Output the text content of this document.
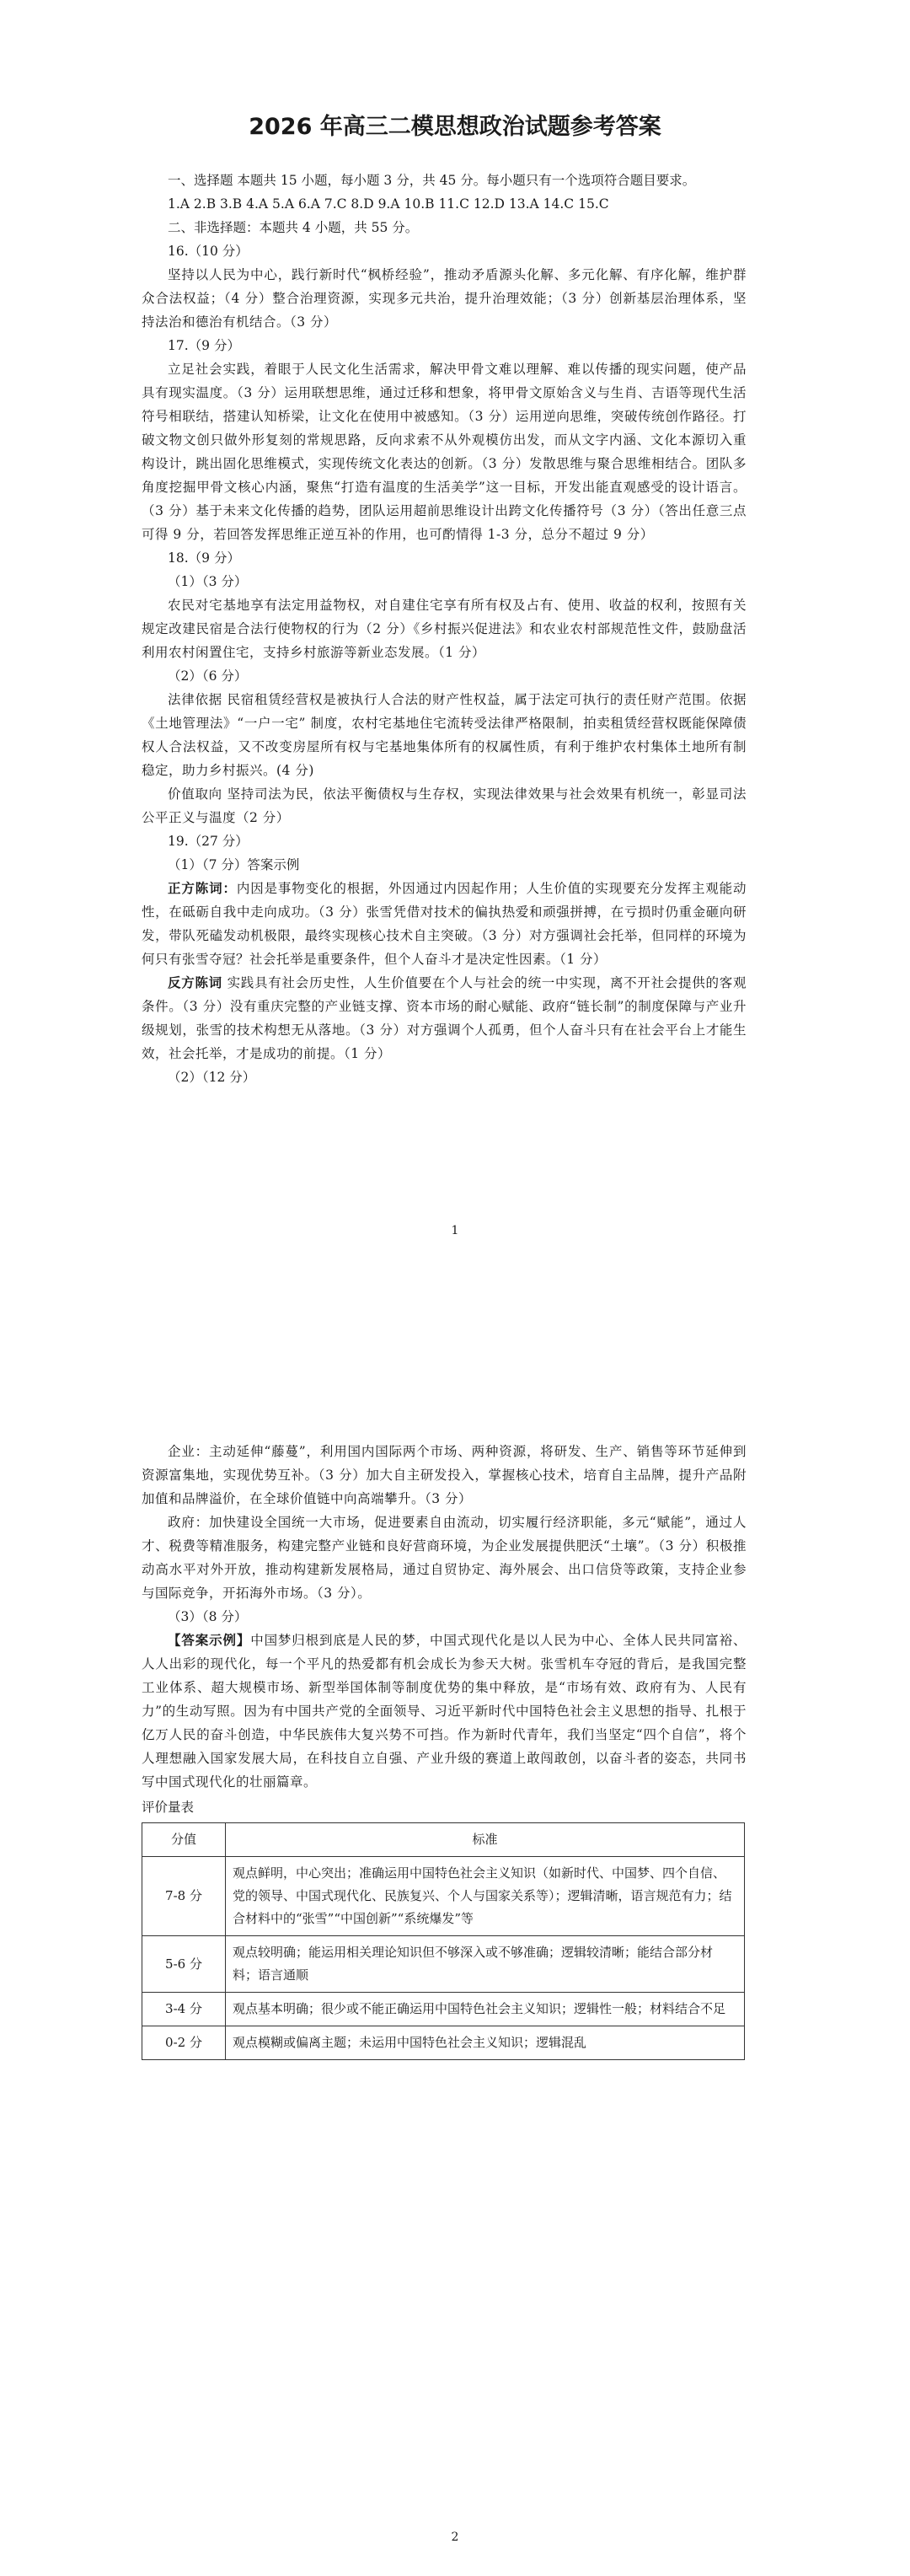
2026 年高三二模思想政治试题参考答案

一、选择题 本题共 15 小题，每小题 3 分，共 45 分。每小题只有一个选项符合题目要求。

1.A 2.B 3.B 4.A 5.A 6.A 7.C 8.D 9.A 10.B 11.C 12.D 13.A 14.C 15.C

二、非选择题：本题共 4 小题，共 55 分。

16.（10 分）

坚持以人民为中心，践行新时代“枫桥经验”，推动矛盾源头化解、多元化解、有序化解，维护群众合法权益；（4 分）整合治理资源，实现多元共治，提升治理效能；（3 分）创新基层治理体系，坚持法治和德治有机结合。（3 分）

17.（9 分）

立足社会实践，着眼于人民文化生活需求，解决甲骨文难以理解、难以传播的现实问题，使产品具有现实温度。（3 分）运用联想思维，通过迁移和想象，将甲骨文原始含义与生肖、吉语等现代生活符号相联结，搭建认知桥梁，让文化在使用中被感知。（3 分）运用逆向思维，突破传统创作路径。打破文物文创只做外形复刻的常规思路，反向求索不从外观模仿出发，而从文字内涵、文化本源切入重构设计，跳出固化思维模式，实现传统文化表达的创新。（3 分）发散思维与聚合思维相结合。团队多角度挖掘甲骨文核心内涵，聚焦“打造有温度的生活美学”这一目标，开发出能直观感受的设计语言。（3 分）基于未来文化传播的趋势，团队运用超前思维设计出跨文化传播符号（3 分）（答出任意三点可得 9 分，若回答发挥思维正逆互补的作用，也可酌情得 1-3 分，总分不超过 9 分）

18.（9 分）

（1）（3 分）

农民对宅基地享有法定用益物权，对自建住宅享有所有权及占有、使用、收益的权利，按照有关规定改建民宿是合法行使物权的行为（2 分）《乡村振兴促进法》和农业农村部规范性文件，鼓励盘活利用农村闲置住宅，支持乡村旅游等新业态发展。（1 分）

（2）（6 分）

法律依据 民宿租赁经营权是被执行人合法的财产性权益，属于法定可执行的责任财产范围。依据《土地管理法》“一户一宅” 制度，农村宅基地住宅流转受法律严格限制，拍卖租赁经营权既能保障债权人合法权益，又不改变房屋所有权与宅基地集体所有的权属性质，有利于维护农村集体土地所有制稳定，助力乡村振兴。(4 分)

价值取向 坚持司法为民，依法平衡债权与生存权，实现法律效果与社会效果有机统一，彰显司法公平正义与温度（2 分）

19.（27 分）

（1）（7 分）答案示例

正方陈词：内因是事物变化的根据，外因通过内因起作用；人生价值的实现要充分发挥主观能动性，在砥砺自我中走向成功。（3 分）张雪凭借对技术的偏执热爱和顽强拼搏，在亏损时仍重金砸向研发，带队死磕发动机极限，最终实现核心技术自主突破。（3 分）对方强调社会托举，但同样的环境为何只有张雪夺冠？社会托举是重要条件，但个人奋斗才是决定性因素。（1 分）

反方陈词 实践具有社会历史性，人生价值要在个人与社会的统一中实现，离不开社会提供的客观条件。（3 分）没有重庆完整的产业链支撑、资本市场的耐心赋能、政府“链长制”的制度保障与产业升级规划，张雪的技术构想无从落地。（3 分）对方强调个人孤勇，但个人奋斗只有在社会平台上才能生效，社会托举，才是成功的前提。（1 分）

（2）（12 分）

1

企业：主动延伸“藤蔓”，利用国内国际两个市场、两种资源，将研发、生产、销售等环节延伸到资源富集地，实现优势互补。（3 分）加大自主研发投入，掌握核心技术，培育自主品牌，提升产品附加值和品牌溢价，在全球价值链中向高端攀升。（3 分）

政府：加快建设全国统一大市场，促进要素自由流动，切实履行经济职能，多元“赋能”，通过人才、税费等精准服务，构建完整产业链和良好营商环境，为企业发展提供肥沃“土壤”。（3 分）积极推动高水平对外开放，推动构建新发展格局，通过自贸协定、海外展会、出口信贷等政策，支持企业参与国际竞争，开拓海外市场。（3 分）。

（3）（8 分）

【答案示例】中国梦归根到底是人民的梦，中国式现代化是以人民为中心、全体人民共同富裕、人人出彩的现代化，每一个平凡的热爱都有机会成长为参天大树。张雪机车夺冠的背后，是我国完整工业体系、超大规模市场、新型举国体制等制度优势的集中释放，是“市场有效、政府有为、人民有力”的生动写照。因为有中国共产党的全面领导、习近平新时代中国特色社会主义思想的指导、扎根于亿万人民的奋斗创造，中华民族伟大复兴势不可挡。作为新时代青年，我们当坚定“四个自信”，将个人理想融入国家发展大局，在科技自立自强、产业升级的赛道上敢闯敢创，以奋斗者的姿态，共同书写中国式现代化的壮丽篇章。

评价量表

分值	标准
7-8 分	观点鲜明，中心突出；准确运用中国特色社会主义知识（如新时代、中国梦、四个自信、党的领导、中国式现代化、民族复兴、个人与国家关系等）；逻辑清晰，语言规范有力；结合材料中的“张雪”“中国创新”“系统爆发”等
5-6 分	观点较明确；能运用相关理论知识但不够深入或不够准确；逻辑较清晰；能结合部分材料；语言通顺
3-4 分	观点基本明确；很少或不能正确运用中国特色社会主义知识；逻辑性一般；材料结合不足
0-2 分	观点模糊或偏离主题；未运用中国特色社会主义知识；逻辑混乱
2
